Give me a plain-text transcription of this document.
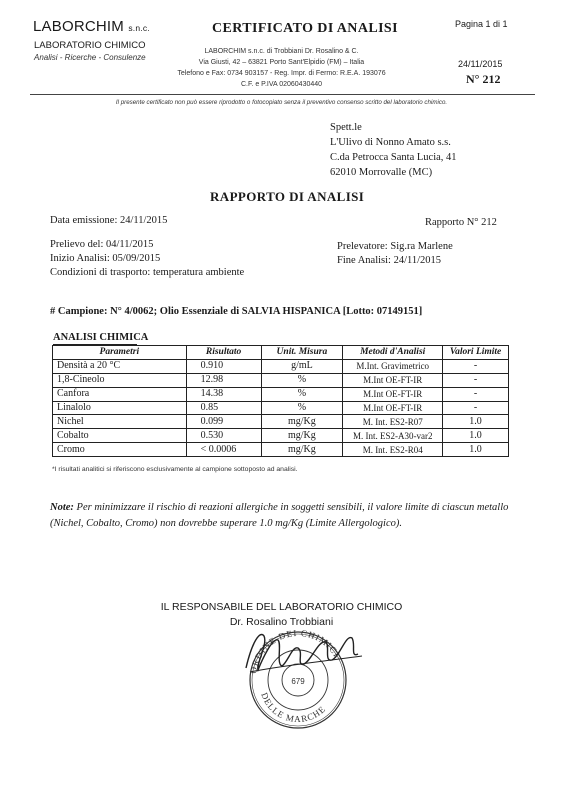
LABORCHIM s.n.c.
LABORATORIO CHIMICO
Analisi - Ricerche - Consulenze
CERTIFICATO DI ANALISI
LABORCHIM s.n.c. di Trobbiani Dr. Rosalino & C.
Via Giusti, 42 – 63821 Porto Sant'Elpidio (FM) – Italia
Telefono e Fax: 0734 903157 - Reg. Impr. di Fermo: R.E.A. 193076
C.F. e P.IVA 02060430440
Pagina 1 di 1
24/11/2015
N° 212
Il presente certificato non può essere riprodotto o fotocopiato senza il preventivo consenso scritto del laboratorio chimico.
Spett.le
L'Ulivo di Nonno Amato s.s.
C.da Petrocca Santa Lucia, 41
62010 Morrovalle (MC)
RAPPORTO DI ANALISI
Data emissione: 24/11/2015	Rapporto N° 212
Prelievo del: 04/11/2015	Prelevatore: Sig.ra Marlene
Inizio Analisi: 05/09/2015	Fine Analisi: 24/11/2015
Condizioni di trasporto: temperatura ambiente
# Campione: N° 4/0062; Olio Essenziale di SALVIA HISPANICA [Lotto: 07149151]
ANALISI CHIMICA
Parametri	Risultato	Unit. Misura	Metodi d'Analisi	Valori Limite
Densità a 20 °C	0.910	g/mL	M.Int. Gravimetrico	-
1,8-Cineolo	12.98	%	M.Int OE-FT-IR	-
Canfora	14.38	%	M.Int OE-FT-IR	-
Linalolo	0.85	%	M.Int OE-FT-IR	-
Nichel	0.099	mg/Kg	M. Int. ES2-R07	1.0
Cobalto	0.530	mg/Kg	M. Int. ES2-A30-var2	1.0
Cromo	< 0.0006	mg/Kg	M. Int. ES2-R04	1.0
*I risultati analitici si riferiscono esclusivamente al campione sottoposto ad analisi.
Note: Per minimizzare il rischio di reazioni allergiche in soggetti sensibili, il valore limite di ciascun metallo (Nichel, Cobalto, Cromo) non dovrebbe superare 1.0 mg/Kg (Limite Allergologico).
IL RESPONSABILE DEL LABORATORIO CHIMICO
Dr. Rosalino Trobbiani
ORDINE DEI CHIMICI
DELLE MARCHE
679
